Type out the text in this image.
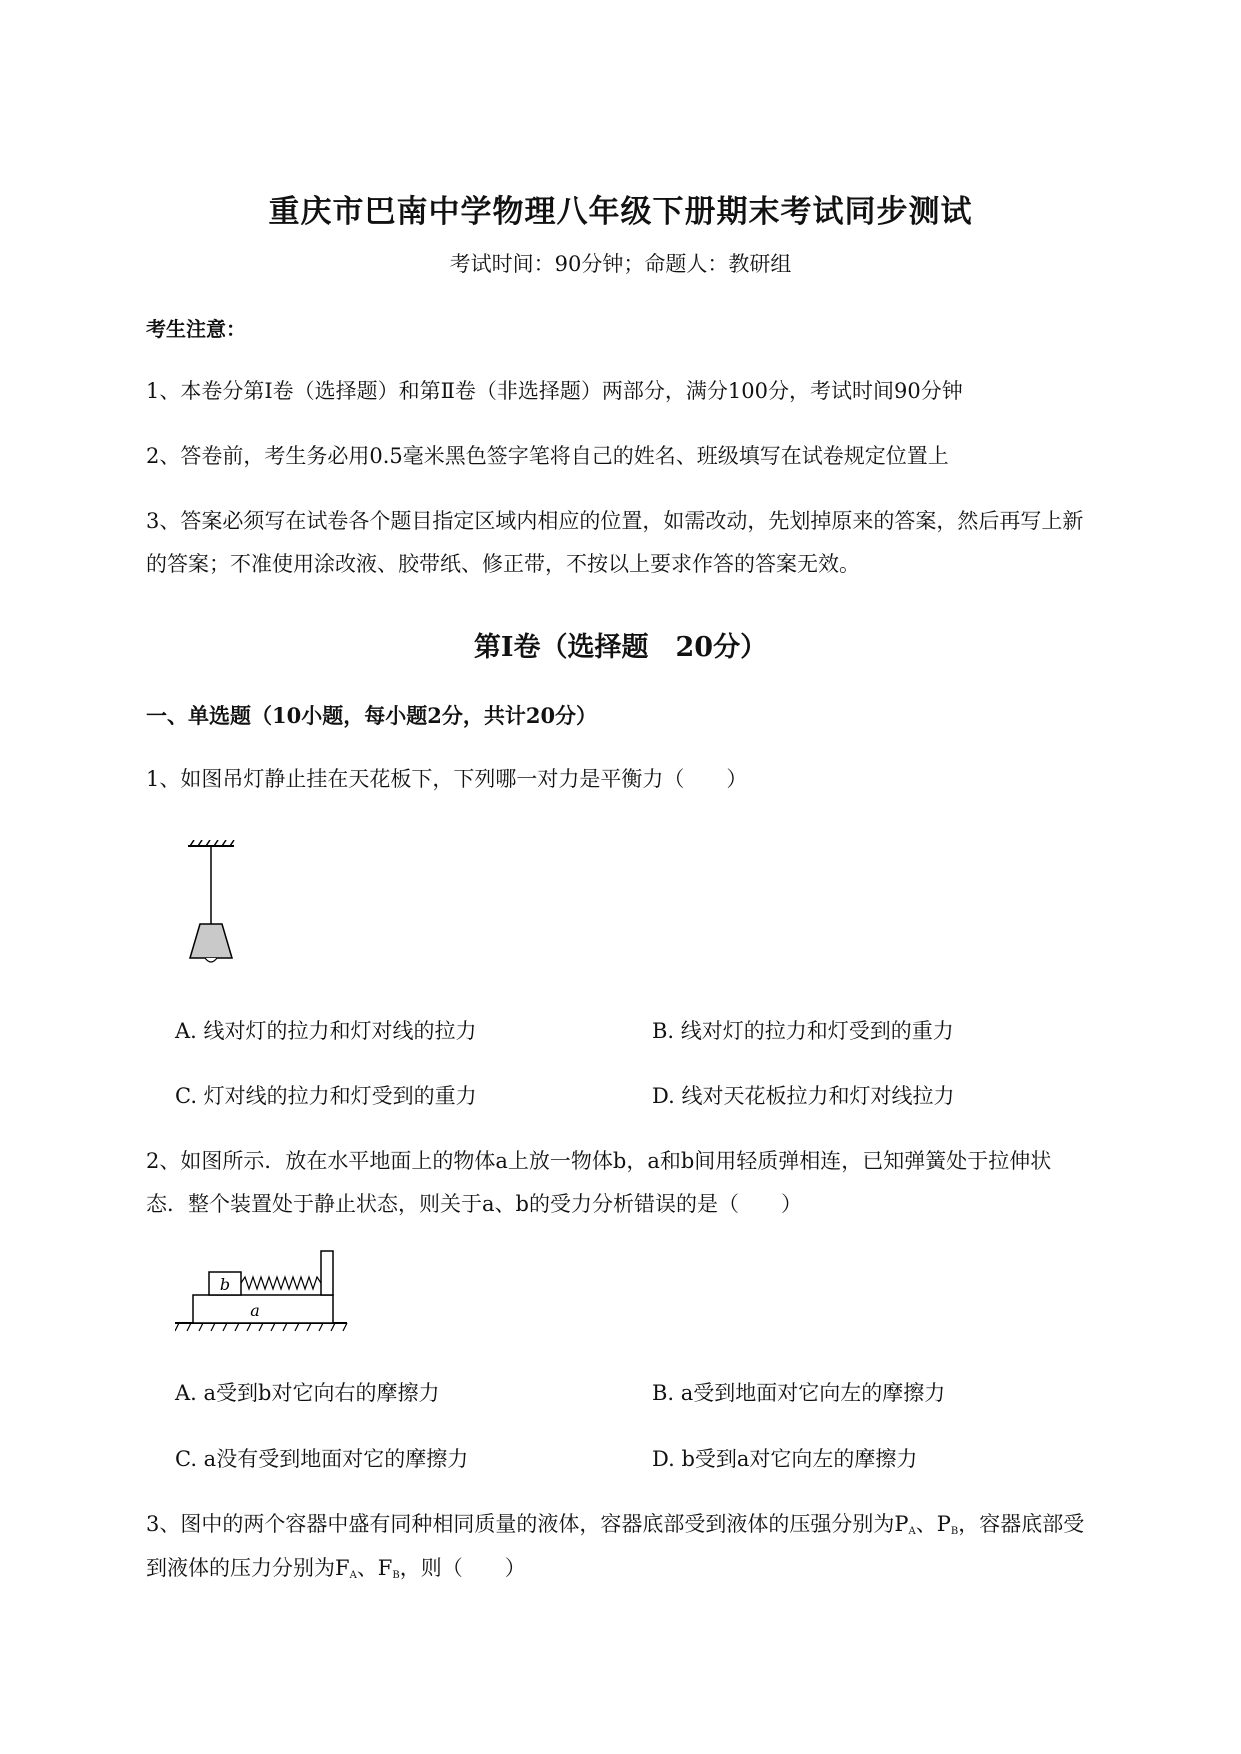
重庆市巴南中学物理八年级下册期末考试同步测试
考试时间：90分钟；命题人：教研组
考生注意：
1、本卷分第I卷（选择题）和第Ⅱ卷（非选择题）两部分，满分100分，考试时间90分钟
2、答卷前，考生务必用0.5毫米黑色签字笔将自己的姓名、班级填写在试卷规定位置上
3、答案必须写在试卷各个题目指定区域内相应的位置，如需改动，先划掉原来的答案，然后再写上新
的答案；不准使用涂改液、胶带纸、修正带，不按以上要求作答的答案无效。
第I卷（选择题　20分）
一、单选题（10小题，每小题2分，共计20分）
1、如图吊灯静止挂在天花板下，下列哪一对力是平衡力（　　）
A. 线对灯的拉力和灯对线的拉力	B. 线对灯的拉力和灯受到的重力
C. 灯对线的拉力和灯受到的重力	D. 线对天花板拉力和灯对线拉力
2、如图所示．放在水平地面上的物体a上放一物体b，a和b间用轻质弹相连，已知弹簧处于拉伸状
态．整个装置处于静止状态，则关于a、b的受力分析错误的是（　　）
b
a
A. a受到b对它向右的摩擦力	B. a受到地面对它向左的摩擦力
C. a没有受到地面对它的摩擦力	D. b受到a对它向左的摩擦力
3、图中的两个容器中盛有同种相同质量的液体，容器底部受到液体的压强分别为$P_A$、$P_B$，容器底部受
到液体的压力分别为$F_A$、$F_B$，则（　　）
